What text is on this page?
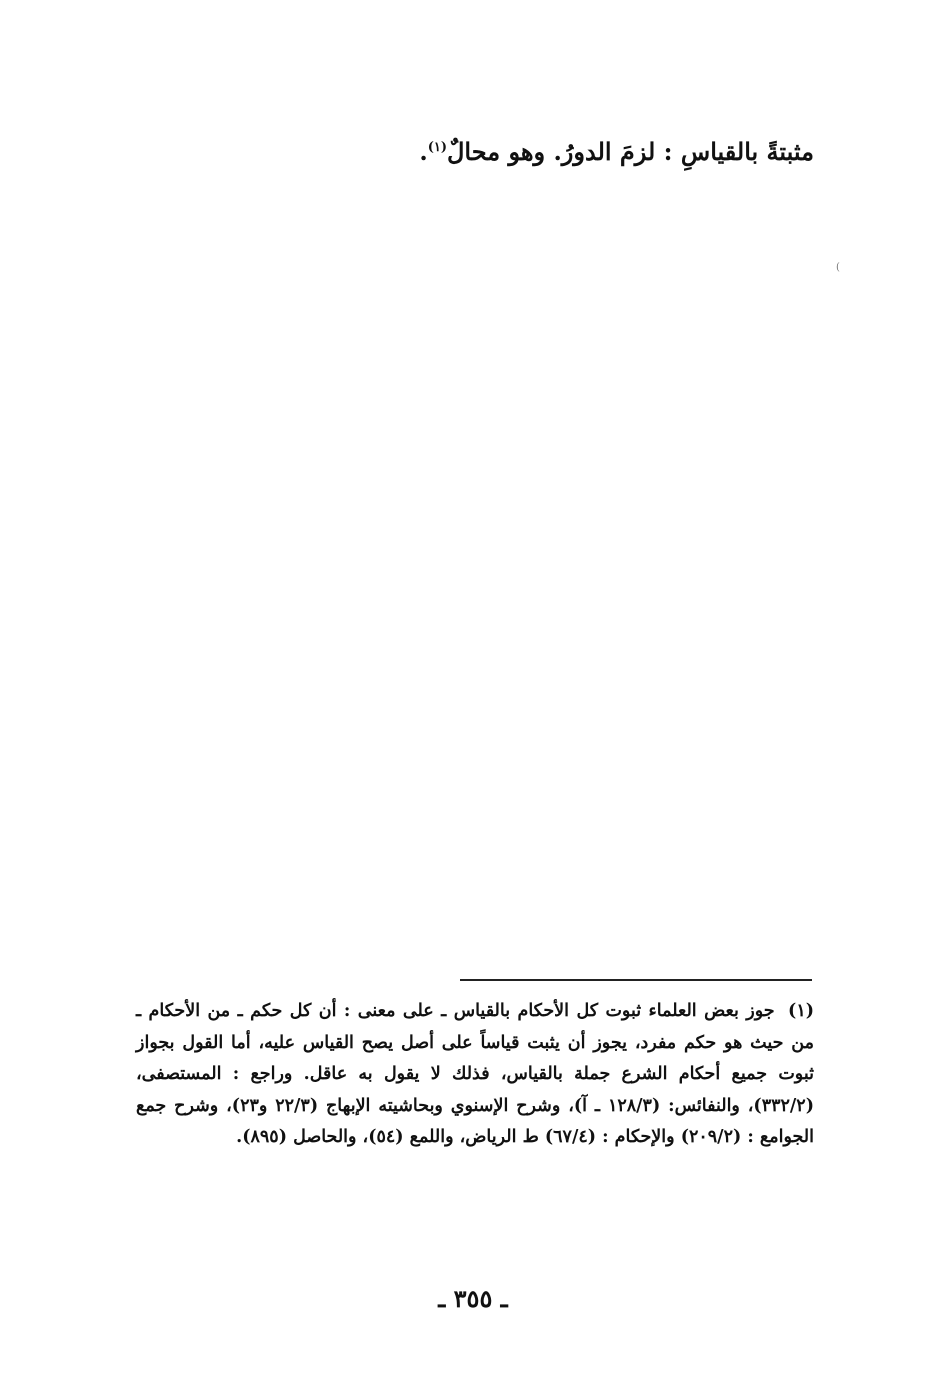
مثبتةً بالقياسِ : لزمَ الدورُ. وهو محالٌ$^{(١)}$.
(
(١) جوز بعض العلماء ثبوت كل الأحكام بالقياس ـ على معنى : أن كل حكم ـ من الأحكام ـ من حيث هو حكم مفرد، يجوز أن يثبت قياساً على أصل يصح القياس عليه، أما القول بجواز ثبوت جميع أحكام الشرع جملة بالقياس، فذلك لا يقول به عاقل. وراجع : المستصفى، (٣٣٢/٢)، والنفائس: (١٢٨/٣ ـ آ)، وشرح الإسنوي وبحاشيته الإبهاج (٢٢/٣ و٢٣)، وشرح جمع الجوامع : (٢٠٩/٢) والإحكام : (٦٧/٤) ط الرياض، واللمع (٥٤)، والحاصل (٨٩٥).
ـ ٣٥٥ ـ
